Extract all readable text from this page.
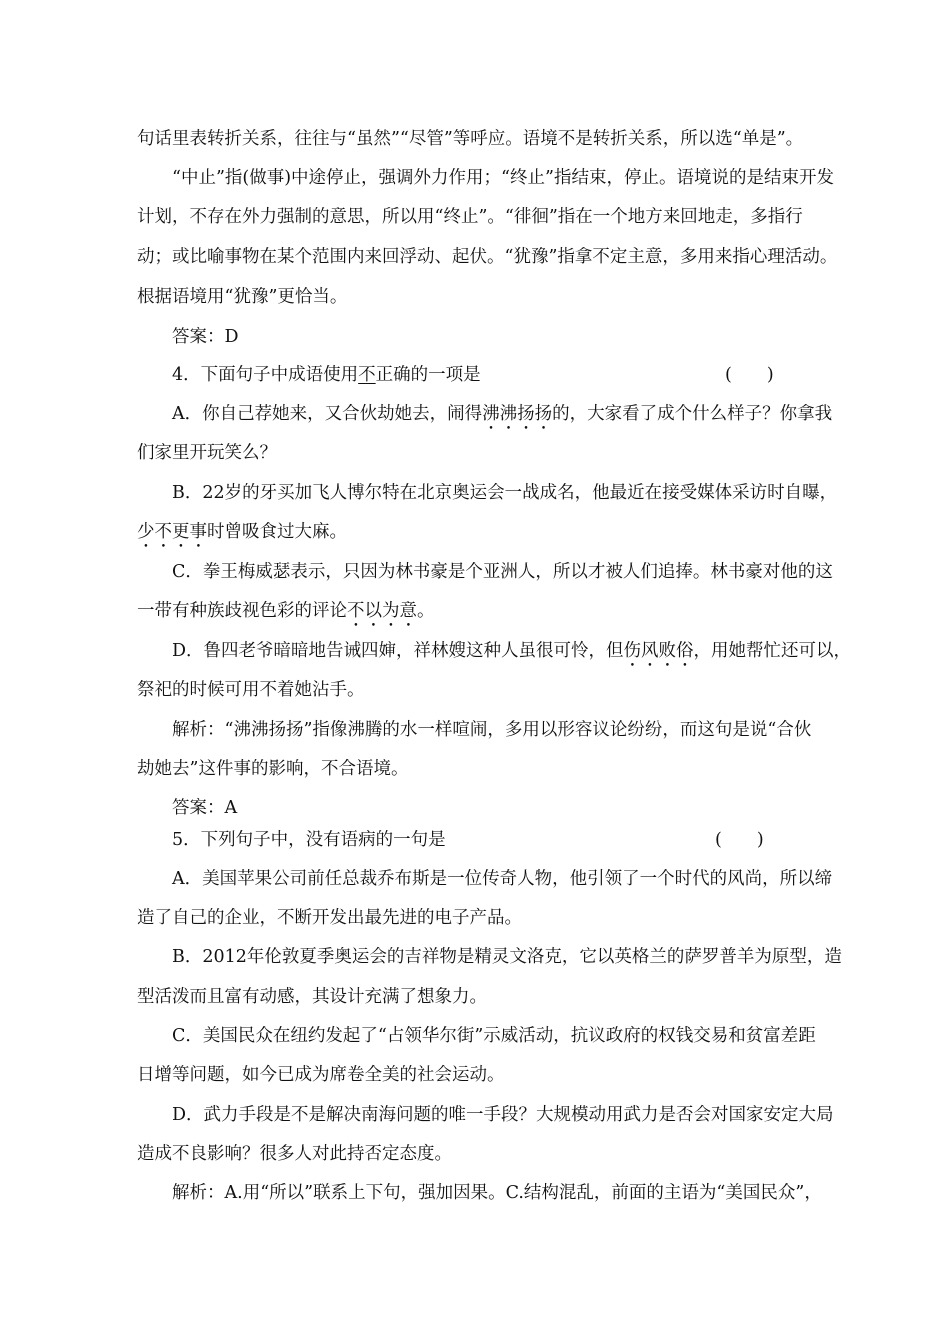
句话里表转折关系，往往与“虽然”“尽管”等呼应。语境不是转折关系，所以选“单是”。
“中止”指(做事)中途停止，强调外力作用；“终止”指结束，停止。语境说的是结束开发
计划，不存在外力强制的意思，所以用“终止”。“徘徊”指在一个地方来回地走，多指行
动；或比喻事物在某个范围内来回浮动、起伏。“犹豫”指拿不定主意，多用来指心理活动。
根据语境用“犹豫”更恰当。
答案：D
4．下面句子中成语使用不正确的一项是	(　　)
A．你自己荐她来，又合伙劫她去，闹得沸沸扬扬的，大家看了成个什么样子？你拿我
们家里开玩笑么？
B．22岁的牙买加飞人博尔特在北京奥运会一战成名，他最近在接受媒体采访时自曝，
少不更事时曾吸食过大麻。
C．拳王梅威瑟表示，只因为林书豪是个亚洲人，所以才被人们追捧。林书豪对他的这
一带有种族歧视色彩的评论不以为意。
D．鲁四老爷暗暗地告诫四婶，祥林嫂这种人虽很可怜，但伤风败俗，用她帮忙还可以，
祭祀的时候可用不着她沾手。
解析：“沸沸扬扬”指像沸腾的水一样喧闹，多用以形容议论纷纷，而这句是说“合伙
劫她去”这件事的影响，不合语境。
答案：A
5．下列句子中，没有语病的一句是	(　　)
A．美国苹果公司前任总裁乔布斯是一位传奇人物，他引领了一个时代的风尚，所以缔
造了自己的企业，不断开发出最先进的电子产品。
B．2012年伦敦夏季奥运会的吉祥物是精灵文洛克，它以英格兰的萨罗普羊为原型，造
型活泼而且富有动感，其设计充满了想象力。
C．美国民众在纽约发起了“占领华尔街”示威活动，抗议政府的权钱交易和贫富差距
日增等问题，如今已成为席卷全美的社会运动。
D．武力手段是不是解决南海问题的唯一手段？大规模动用武力是否会对国家安定大局
造成不良影响？很多人对此持否定态度。
解析：A.用“所以”联系上下句，强加因果。C.结构混乱，前面的主语为“美国民众”，
